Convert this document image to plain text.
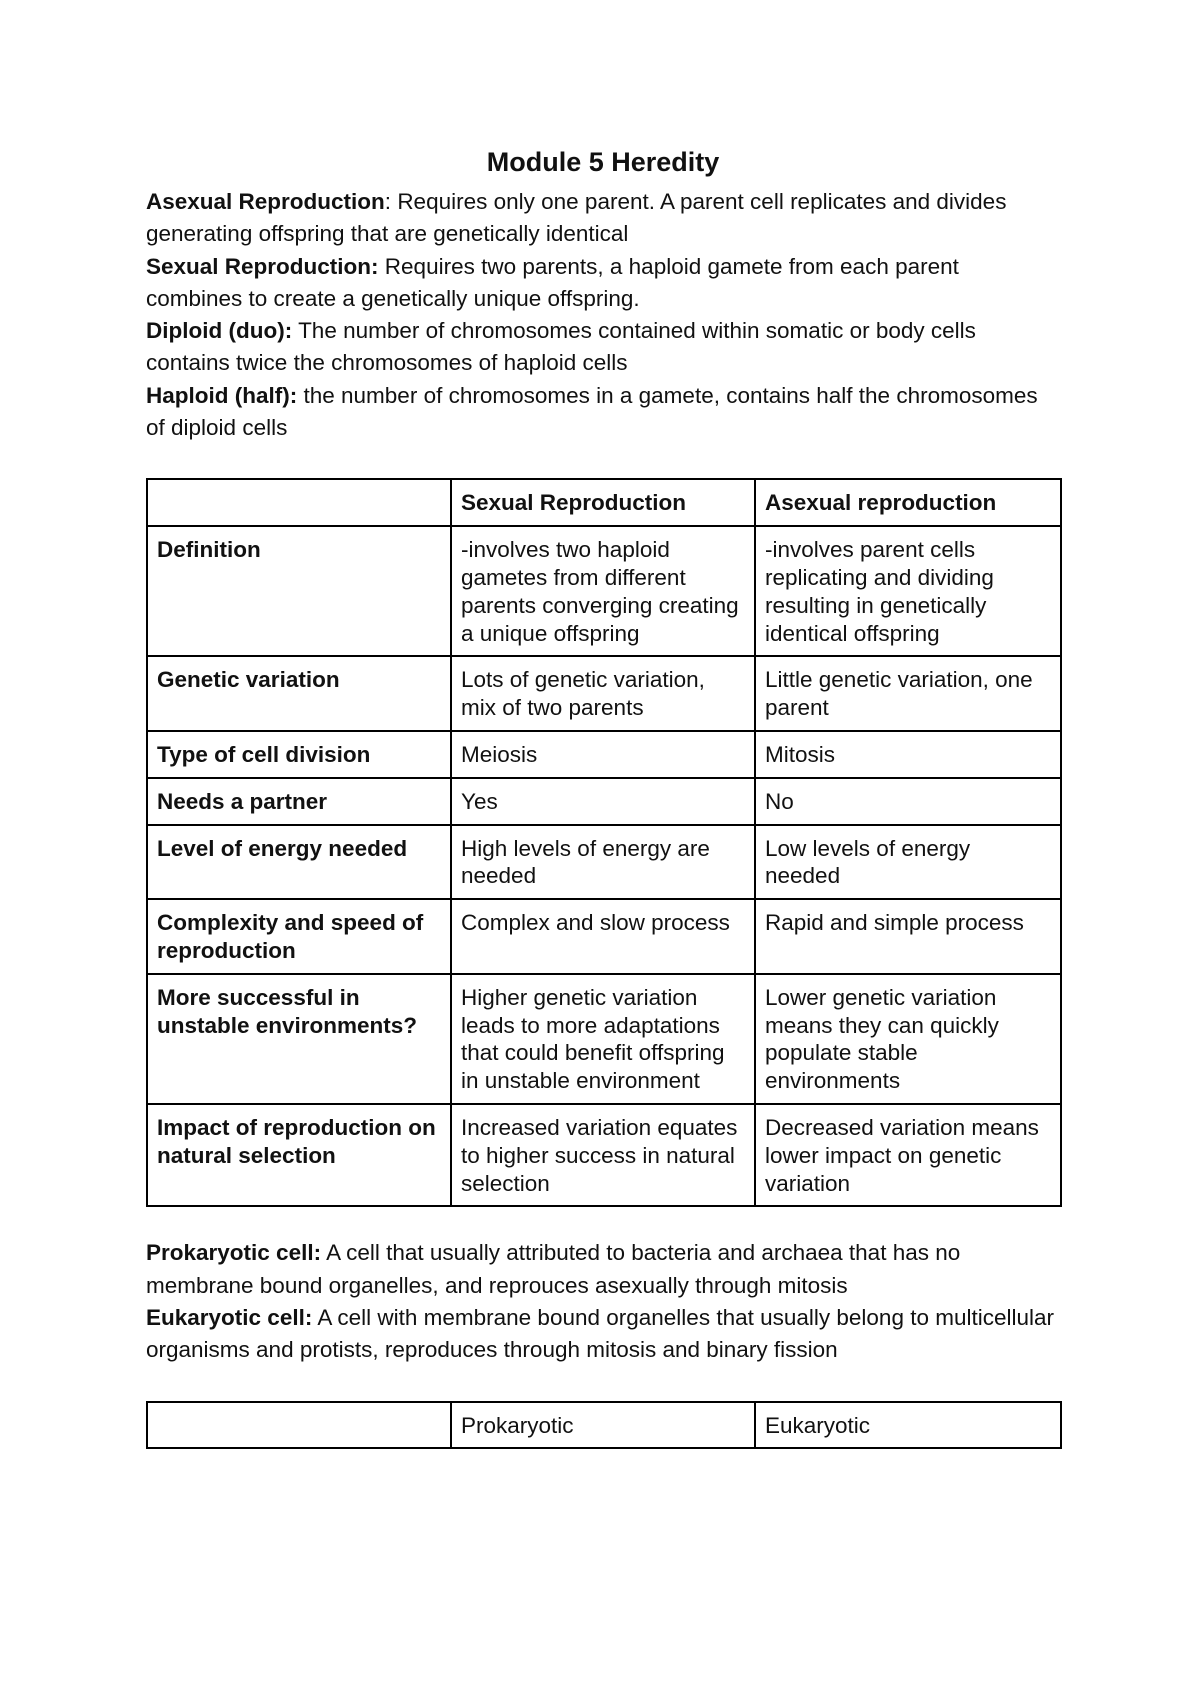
Module 5 Heredity

Asexual Reproduction: Requires only one parent. A parent cell replicates and divides generating offspring that are genetically identical

Sexual Reproduction: Requires two parents, a haploid gamete from each parent combines to create a genetically unique offspring.

Diploid (duo): The number of chromosomes contained within somatic or body cells contains twice the chromosomes of haploid cells

Haploid (half): the number of chromosomes in a gamete, contains half the chromosomes of diploid cells

	Sexual Reproduction	Asexual reproduction
Definition	-involves two haploid gametes from different parents converging creating a unique offspring	-involves parent cells replicating and dividing resulting in genetically identical offspring
Genetic variation	Lots of genetic variation, mix of two parents	Little genetic variation, one parent
Type of cell division	Meiosis	Mitosis
Needs a partner	Yes	No
Level of energy needed	High levels of energy are needed	Low levels of energy needed
Complexity and speed of reproduction	Complex and slow process	Rapid and simple process
More successful in unstable environments?	Higher genetic variation leads to more adaptations that could benefit offspring in unstable environment	Lower genetic variation means they can quickly populate stable environments
Impact of reproduction on natural selection	Increased variation equates to higher success in natural selection	Decreased variation means lower impact on genetic variation

Prokaryotic cell: A cell that usually attributed to bacteria and archaea that has no membrane bound organelles, and reprouces asexually through mitosis

Eukaryotic cell: A cell with membrane bound organelles that usually belong to multicellular organisms and protists, reproduces through mitosis and binary fission

	Prokaryotic	Eukaryotic
